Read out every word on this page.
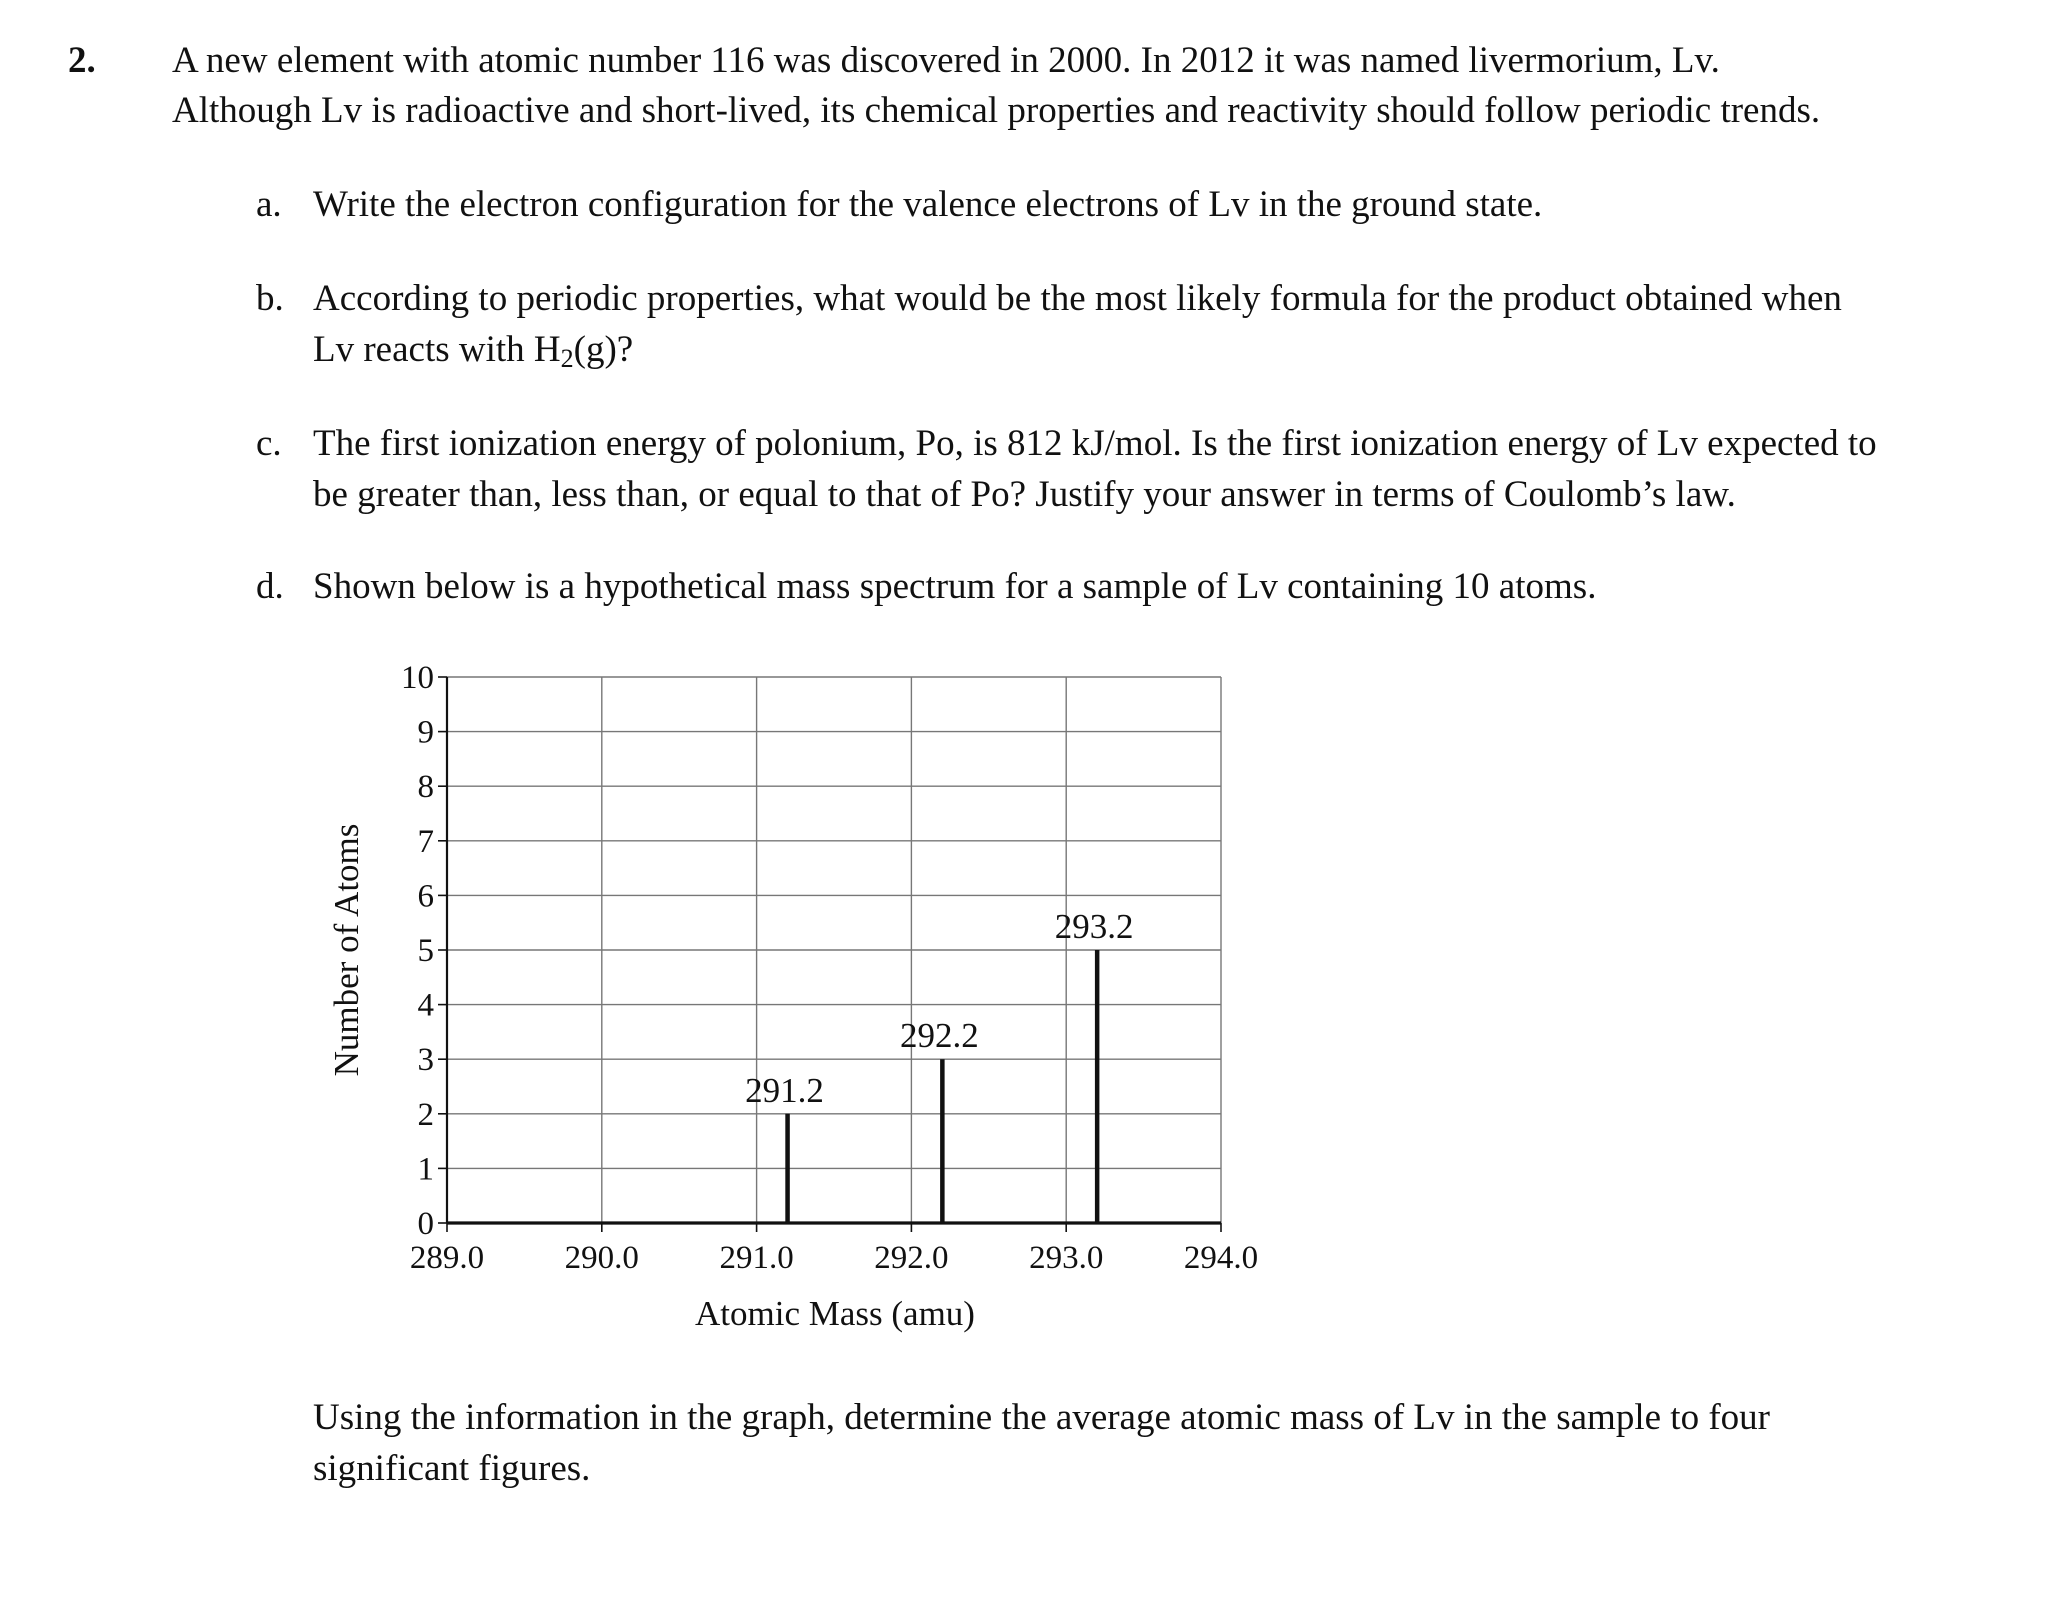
2. A new element with atomic number 116 was discovered in 2000. In 2012 it was named livermorium, Lv.
Although Lv is radioactive and short-lived, its chemical properties and reactivity should follow periodic trends.
a. Write the electron configuration for the valence electrons of Lv in the ground state.
b. According to periodic properties, what would be the most likely formula for the product obtained when
Lv reacts with $H_2(g)$?
c. The first ionization energy of polonium, Po, is 812 kJ/mol. Is the first ionization energy of Lv expected to
be greater than, less than, or equal to that of Po? Justify your answer in terms of Coulomb’s law.
d. Shown below is a hypothetical mass spectrum for a sample of Lv containing 10 atoms.
0
1
2
3
4
5
6
7
8
9
10
289.0 290.0 291.0 292.0 293.0 294.0
291.2
292.2
293.2
Atomic Mass (amu)
Number of Atoms
Using the information in the graph, determine the average atomic mass of Lv in the sample to four
significant figures.
